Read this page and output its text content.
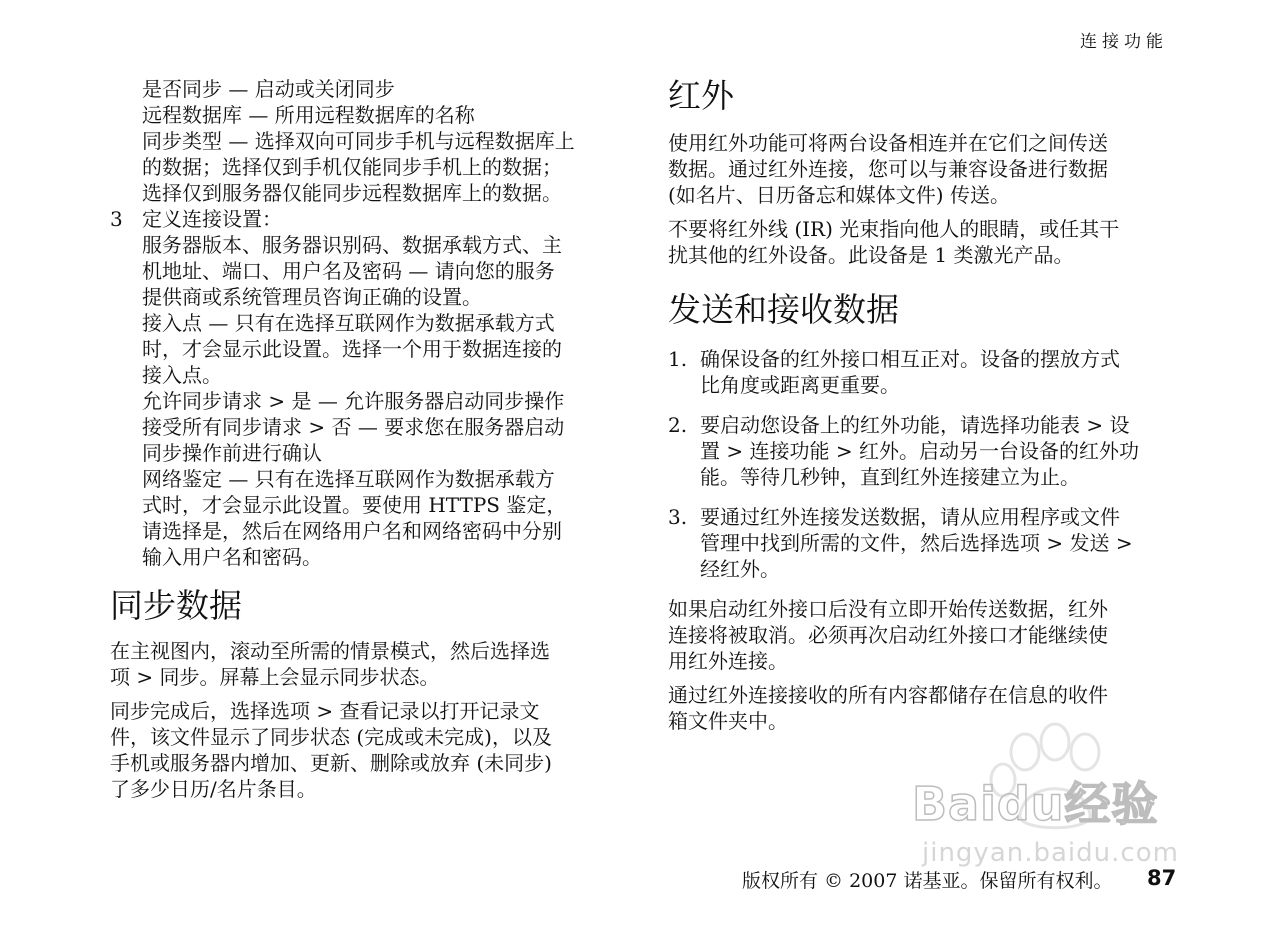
连接功能

是否同步 — 启动或关闭同步

远程数据库 — 所用远程数据库的名称

同步类型 — 选择双向可同步手机与远程数据库上

的数据；选择仅到手机仅能同步手机上的数据；

选择仅到服务器仅能同步远程数据库上的数据。

3 定义连接设置：

服务器版本、服务器识别码、数据承载方式、主

机地址、端口、用户名及密码 — 请向您的服务

提供商或系统管理员咨询正确的设置。

接入点 — 只有在选择互联网作为数据承载方式

时，才会显示此设置。选择一个用于数据连接的

接入点。

允许同步请求 > 是 — 允许服务器启动同步操作

接受所有同步请求 > 否 — 要求您在服务器启动

同步操作前进行确认

网络鉴定 — 只有在选择互联网作为数据承载方

式时，才会显示此设置。要使用 HTTPS 鉴定，

请选择是，然后在网络用户名和网络密码中分别

输入用户名和密码。

同步数据

在主视图内，滚动至所需的情景模式，然后选择选

项 > 同步。屏幕上会显示同步状态。

同步完成后，选择选项 > 查看记录以打开记录文

件，该文件显示了同步状态 (完成或未完成)，以及

手机或服务器内增加、更新、删除或放弃 (未同步)

了多少日历/名片条目。

红外

使用红外功能可将两台设备相连并在它们之间传送

数据。通过红外连接，您可以与兼容设备进行数据

(如名片、日历备忘和媒体文件) 传送。

不要将红外线 (IR) 光束指向他人的眼睛，或任其干

扰其他的红外设备。此设备是 1 类激光产品。

发送和接收数据
1. 确保设备的红外接口相互正对。设备的摆放方式

比角度或距离更重要。

2. 要启动您设备上的红外功能，请选择功能表 > 设

置 > 连接功能 > 红外。启动另一台设备的红外功

能。等待几秒钟，直到红外连接建立为止。

3. 要通过红外连接发送数据，请从应用程序或文件

管理中找到所需的文件，然后选择选项 > 发送 >

经红外。

如果启动红外接口后没有立即开始传送数据，红外

连接将被取消。必须再次启动红外接口才能继续使

用红外连接。

通过红外连接接收的所有内容都储存在信息的收件

箱文件夹中。

Baidu经验
jingyan.baidu.com
版权所有 © 2007 诺基亚。保留所有权利。 87
